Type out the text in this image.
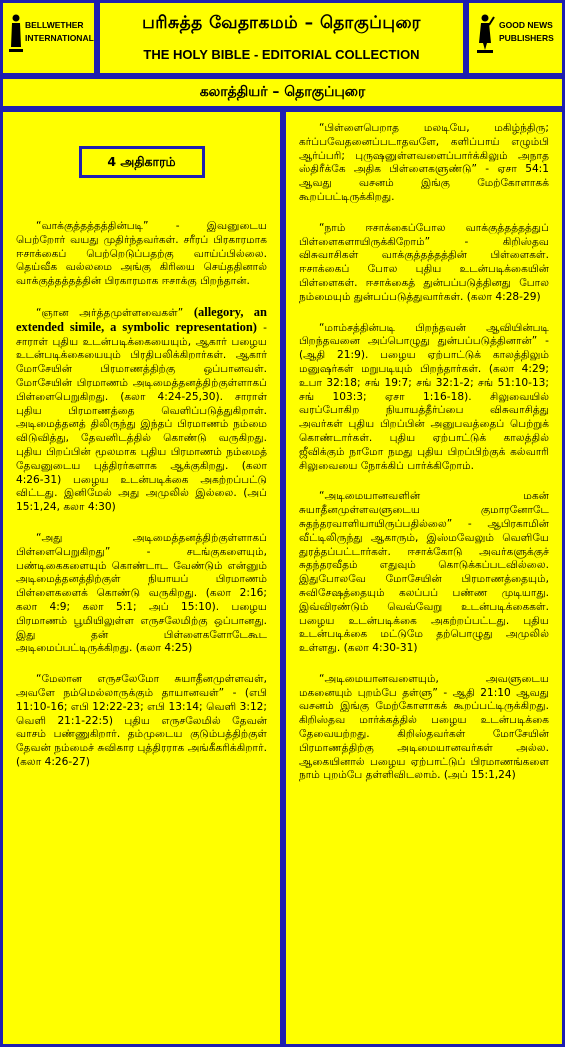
BELLWETHER
INTERNATIONAL
பரிசுத்த வேதாகமம் – தொகுப்புரை
THE HOLY BIBLE - EDITORIAL COLLECTION
GOOD NEWS
PUBLISHERS
கலாத்தியர் – தொகுப்புரை
4 அதிகாரம்

“வாக்குத்தத்தத்தின்படி” - இவனுடைய பெற்றோர் வயது முதிர்ந்தவர்கள். சரீரப் பிரகாரமாக ஈசாக்கைப் பெற்றெடுப்பதற்கு வாய்ப்பில்லை. தெய்வீக வல்லமை அங்கு கிரியை செய்ததினால் வாக்குத்தத்தத்தின் பிரகாரமாக ஈசாக்கு பிறந்தான்.

“ஞான அர்த்தமுள்ளவைகள்” (allegory, an extended simile, a symbolic representation) - சாராள் புதிய உடன்படிக்கையையும், ஆகார் பழைய உடன்படிக்கையையும் பிரதிபலிக்கிறார்கள். ஆகார் மோசேயின் பிரமாணத்திற்கு ஒப்பானவள். மோசேயின் பிரமாணம் அடிமைத்தனத்திற்குள்ளாகப் பிள்ளைபெறுகிறது. (கலா 4:24-25,30). சாராள் புதிய பிரமாணத்தை வெளிப்படுத்துகிறாள். அடிமைத்தனத் திலிருந்து இந்தப் பிரமாணம் நம்மை விடுவித்து, தேவனிடத்தில் கொண்டு வருகிறது. புதிய பிறப்பின் மூலமாக புதிய பிரமாணம் நம்மைத் தேவனுடைய புத்திரர்களாக ஆக்குகிறது. (கலா 4:26-31) பழைய உடன்படிக்கை அகற்றப்பட்டு விட்டது. இனிமேல் அது அமுலில் இல்லை. (அப் 15:1,24, கலா 4:30)

“அது அடிமைத்தனத்திற்குள்ளாகப் பிள்ளைபெறுகிறது” - சடங்குகளையும், பண்டிகைகளையும் கொண்டாட வேண்டும் என்னும் அடிமைத்தனத்திற்குள் நியாயப் பிரமாணம் பிள்ளைகளைக் கொண்டு வருகிறது. (கலா 2:16; கலா 4:9; கலா 5:1; அப் 15:10). பழைய பிரமாணம் பூமியிலுள்ள எருசலேமிற்கு ஒப்பானது. இது தன் பிள்ளைகளோடேகூட அடிமைப்பட்டிருக்கிறது. (கலா 4:25)

“மேலான எருசலேமோ சுயாதீனமுள்ளவள், அவளே நம்மெல்லாருக்கும் தாயானவள்” - (எபி 11:10-16; எபி 12:22-23; எபி 13:14; வெளி 3:12; வெளி 21:1-22:5) புதிய எருசலேமில் தேவன் வாசம் பண்ணுகிறார். தம்முடைய குடும்பத்திற்குள் தேவன் நம்மைச் சுவிகார புத்திரராக அங்கீகரிக்கிறார். (கலா 4:26-27)

“பிள்ளைபெறாத மலடியே, மகிழ்ந்திரு; கர்ப்பவேதனைப்படாதவளே, களிப்பாய் எழும்பி ஆர்ப்பரி; புருஷனுள்ளவளைப்பார்க்கிலும் அநாத ஸ்திரீக்கே அதிக பிள்ளைகளுண்டு” - ஏசா 54:1 ஆவது வசனம் இங்கு மேற்கோளாகக் கூறப்பட்டிருக்கிறது.

“நாம் ஈசாக்கைப்போல வாக்குத்தத்தத்துப் பிள்ளைகளாயிருக்கிறோம்” - கிறிஸ்தவ விசுவாசிகள் வாக்குத்தத்தத்தின் பிள்ளைகள். ஈசாக்கைப் போல புதிய உடன்படிக்கையின் பிள்ளைகள். ஈசாக்கைத் துன்பப்படுத்தினது போல நம்மையும் துன்பப்படுத்துவார்கள். (கலா 4:28-29)

“மாம்சத்தின்படி பிறந்தவன் ஆவியின்படி பிறந்தவனை அப்பொழுது துன்பப்படுத்தினான்” - (ஆதி 21:9). பழைய ஏற்பாட்டுக் காலத்திலும் மனுஷர்கள் மறுபடியும் பிறந்தார்கள். (கலா 4:29; உபா 32:18; சங் 19:7; சங் 32:1-2; சங் 51:10-13; சங் 103:3; ஏசா 1:16-18). சிலுவையில் வரப்போகிற நியாயத்தீர்ப்பை விசுவாசித்து அவர்கள் புதிய பிறப்பின் அனுபவத்தைப் பெற்றுக் கொண்டார்கள். புதிய ஏற்பாட்டுக் காலத்தில் ஜீவிக்கும் நாமோ நமது புதிய பிறப்பிற்குக் கல்வாரி சிலுவையை நோக்கிப் பார்க்கிறோம்.

“அடிமையானவளின் மகன் சுயாதீனமுள்ளவளுடைய குமாரனோடே சுதந்தரவாளியாயிருப்பதில்லை” - ஆபிரகாமின் வீட்டிலிருந்து ஆகாரும், இஸ்மவேலும் வெளியே துரத்தப்பட்டார்கள். ஈசாக்கோடு அவர்களுக்குச் சுதந்தரவீதம் எதுவும் கொடுக்கப்படவில்லை. இதுபோலவே மோசேயின் பிரமாணத்தையும், சுவிசேஷத்தையும் கலப்பப் பண்ண முடியாது. இவ்விரண்டும் வெவ்வேறு உடன்படிக்கைகள். பழைய உடன்படிக்கை அகற்றப்பட்டது. புதிய உடன்படிக்கை மட்டுமே தற்பொழுது அமுலில் உள்ளது. (கலா 4:30-31)

“அடிமையானவளையும், அவளுடைய மகனையும் புறம்பே தள்ளு” - ஆதி 21:10 ஆவது வசனம் இங்கு மேற்கோளாகக் கூறப்பட்டிருக்கிறது. கிறிஸ்தவ மார்க்கத்தில் பழைய உடன்படிக்கை தேவையற்றது. கிறிஸ்தவர்கள் மோசேயின் பிரமாணத்திற்கு அடிமையானவர்கள் அல்ல. ஆகையினால் பழைய ஏற்பாட்டுப் பிரமாணங்களை நாம் புறம்பே தள்ளிவிடலாம். (அப் 15:1,24)
